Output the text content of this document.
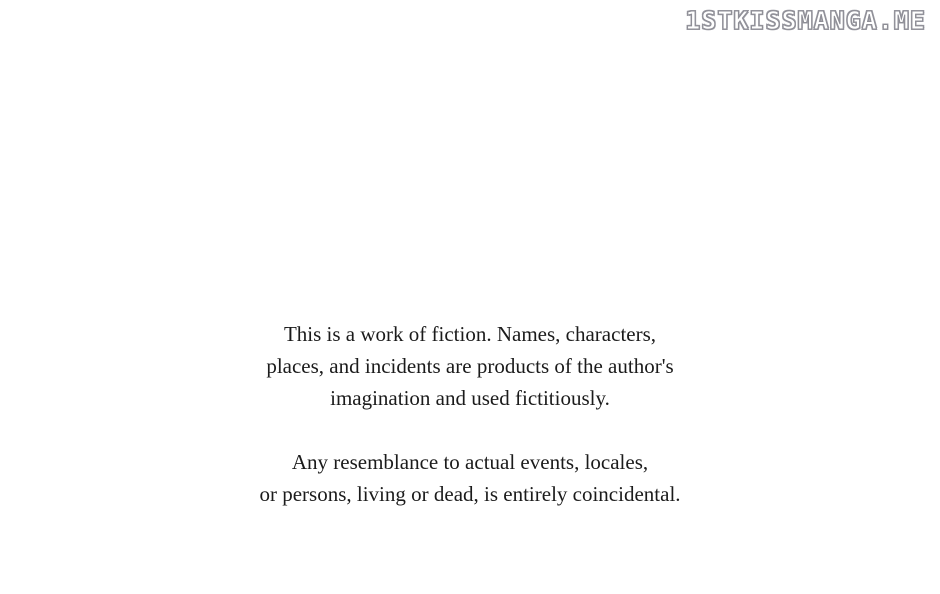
1STKISSMANGA.ME

This is a work of fiction. Names, characters,

places, and incidents are products of the author's

imagination and used fictitiously.

Any resemblance to actual events, locales,

or persons, living or dead, is entirely coincidental.
